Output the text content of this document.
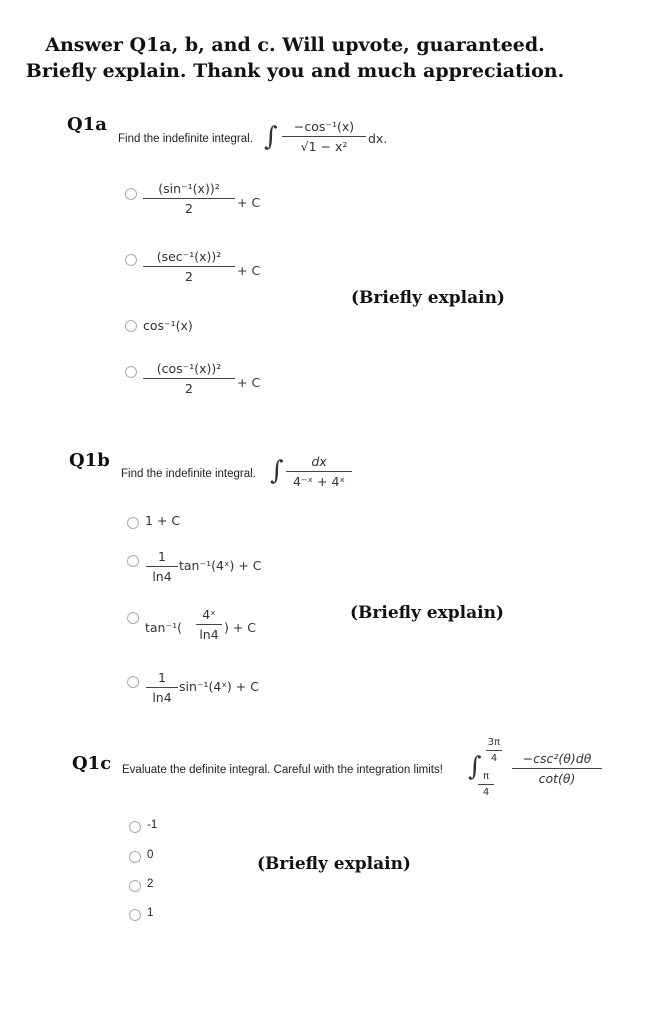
Answer Q1a, b, and c. Will upvote, guaranteed.
Briefly explain. Thank you and much appreciation.
Q1a
Find the indefinite integral. ∫	−cos⁻¹(x)
√1 − x²
dx.
(sin⁻¹(x))²
2	+ C
(sec⁻¹(x))²
2	+ C
cos⁻¹(x)
(cos⁻¹(x))²
2	+ C
(Briefly explain)
Q1b
Find the indefinite integral. ∫	dx
4⁻ˣ + 4ˣ
1 + C
1
ln4
tan⁻¹(4ˣ) + C
tan⁻¹(
4ˣ
ln4 ) + C
1
ln4
sin⁻¹(4ˣ) + C
(Briefly explain)
Q1c Evaluate the definite integral. Careful with the integration limits! ∫
3π
4
π
4
−csc²(θ)dθ
cot(θ)
-1
0
2
1
(Briefly explain)
